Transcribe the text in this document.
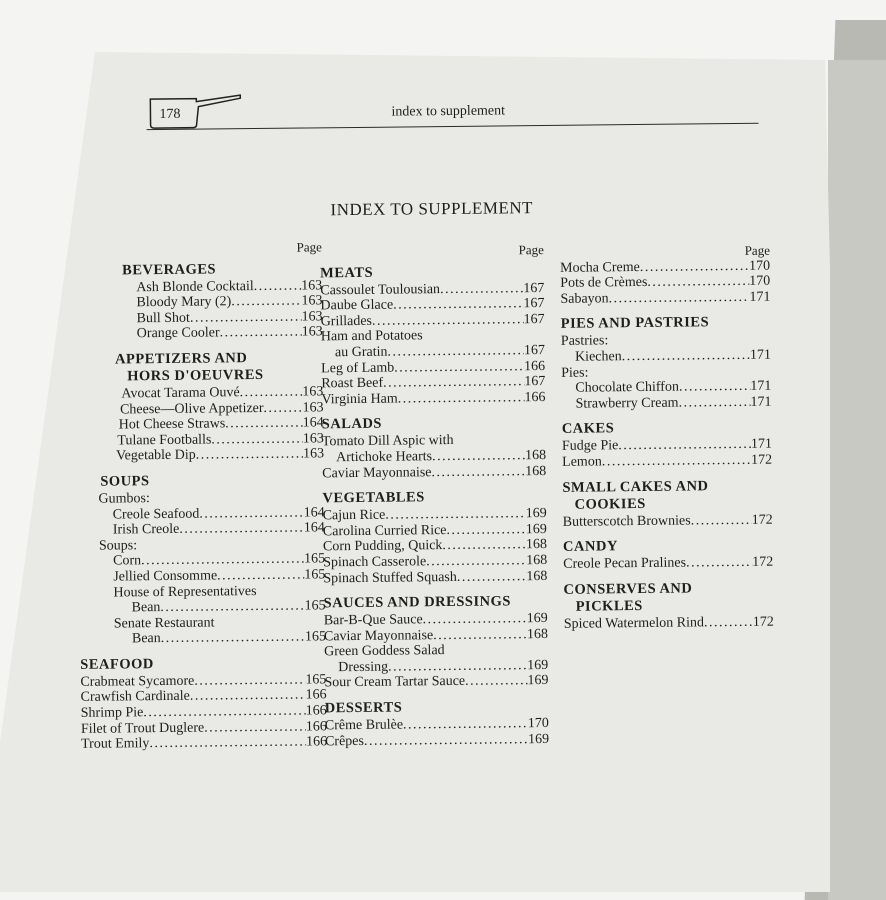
178	index to supplement
INDEX TO SUPPLEMENT
Page
BEVERAGES
Ash Blonde Cocktail . . .	163
Bloody Mary (2) . . .	163
Bull Shot . . .	163
Orange Cooler . . .	163
APPETIZERS AND
HORS D'OEUVRES
Avocat Tarama Ouvé . . .	163
Cheese—Olive Appetizer . . .	163
Hot Cheese Straws . . .	164
Tulane Footballs . . .	163
Vegetable Dip . . .	163
SOUPS
Gumbos:
Creole Seafood . . .	164
Irish Creole . . .	164
Soups:
Corn . . .	165
Jellied Consomme . . .	165
House of Representatives
Bean . . .	165
Senate Restaurant
Bean . . .	165
SEAFOOD
Crabmeat Sycamore . . .	165
Crawfish Cardinale . . .	166
Shrimp Pie . . .	166
Filet of Trout Duglere . . .	166
Trout Emily . . .	166
Page
MEATS
Cassoulet Toulousian . . .	167
Daube Glace . . .	167
Grillades . . .	167
Ham and Potatoes
au Gratin . . .	167
Leg of Lamb . . .	166
Roast Beef . . .	167
Virginia Ham . . .	166
SALADS
Tomato Dill Aspic with
Artichoke Hearts . . .	168
Caviar Mayonnaise . . .	168
VEGETABLES
Cajun Rice . . .	169
Carolina Curried Rice . . .	169
Corn Pudding, Quick . . .	168
Spinach Casserole . . .	168
Spinach Stuffed Squash . . .	168
SAUCES AND DRESSINGS
Bar-B-Que Sauce . . .	169
Caviar Mayonnaise . . .	168
Green Goddess Salad
Dressing . . .	169
Sour Cream Tartar Sauce . . .	169
DESSERTS
Crême Brulèe . . .	170
Crêpes . . .	169
Page
Mocha Creme . . .	170
Pots de Crèmes . . .	170
Sabayon . . .	171
PIES AND PASTRIES
Pastries:
Kiechen . . .	171
Pies:
Chocolate Chiffon . . .	171
Strawberry Cream . . .	171
CAKES
Fudge Pie . . .	171
Lemon . . .	172
SMALL CAKES AND
COOKIES
Butterscotch Brownies . . .	172
CANDY
Creole Pecan Pralines . . .	172
CONSERVES AND
PICKLES
Spiced Watermelon Rind . . .	172
